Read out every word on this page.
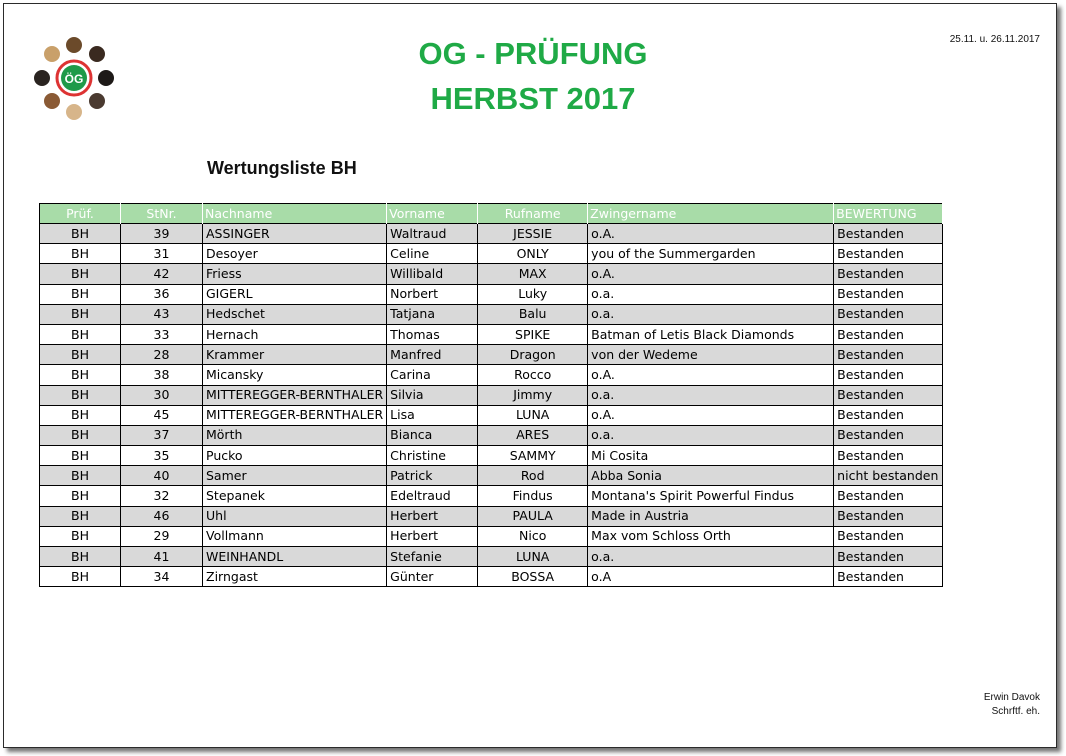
ÖG
OG - PRÜFUNG
HERBST 2017
25.11. u. 26.11.2017
Wertungsliste BH
Prüf.	StNr.	Nachname	Vorname	Rufname	Zwingername	BEWERTUNG
BH	39	ASSINGER	Waltraud	JESSIE	o.A.	Bestanden
BH	31	Desoyer	Celine	ONLY	you of the Summergarden	Bestanden
BH	42	Friess	Willibald	MAX	o.A.	Bestanden
BH	36	GIGERL	Norbert	Luky	o.a.	Bestanden
BH	43	Hedschet	Tatjana	Balu	o.a.	Bestanden
BH	33	Hernach	Thomas	SPIKE	Batman of Letis Black Diamonds	Bestanden
BH	28	Krammer	Manfred	Dragon	von der Wedeme	Bestanden
BH	38	Micansky	Carina	Rocco	o.A.	Bestanden
BH	30	MITTEREGGER-BERNTHALER	Silvia	Jimmy	o.a.	Bestanden
BH	45	MITTEREGGER-BERNTHALER	Lisa	LUNA	o.A.	Bestanden
BH	37	Mörth	Bianca	ARES	o.a.	Bestanden
BH	35	Pucko	Christine	SAMMY	Mi Cosita	Bestanden
BH	40	Samer	Patrick	Rod	Abba Sonia	nicht bestanden
BH	32	Stepanek	Edeltraud	Findus	Montana's Spirit Powerful Findus	Bestanden
BH	46	Uhl	Herbert	PAULA	Made in Austria	Bestanden
BH	29	Vollmann	Herbert	Nico	Max vom Schloss Orth	Bestanden
BH	41	WEINHANDL	Stefanie	LUNA	o.a.	Bestanden
BH	34	Zirngast	Günter	BOSSA	o.A	Bestanden
Erwin Davok
Schrftf. eh.
